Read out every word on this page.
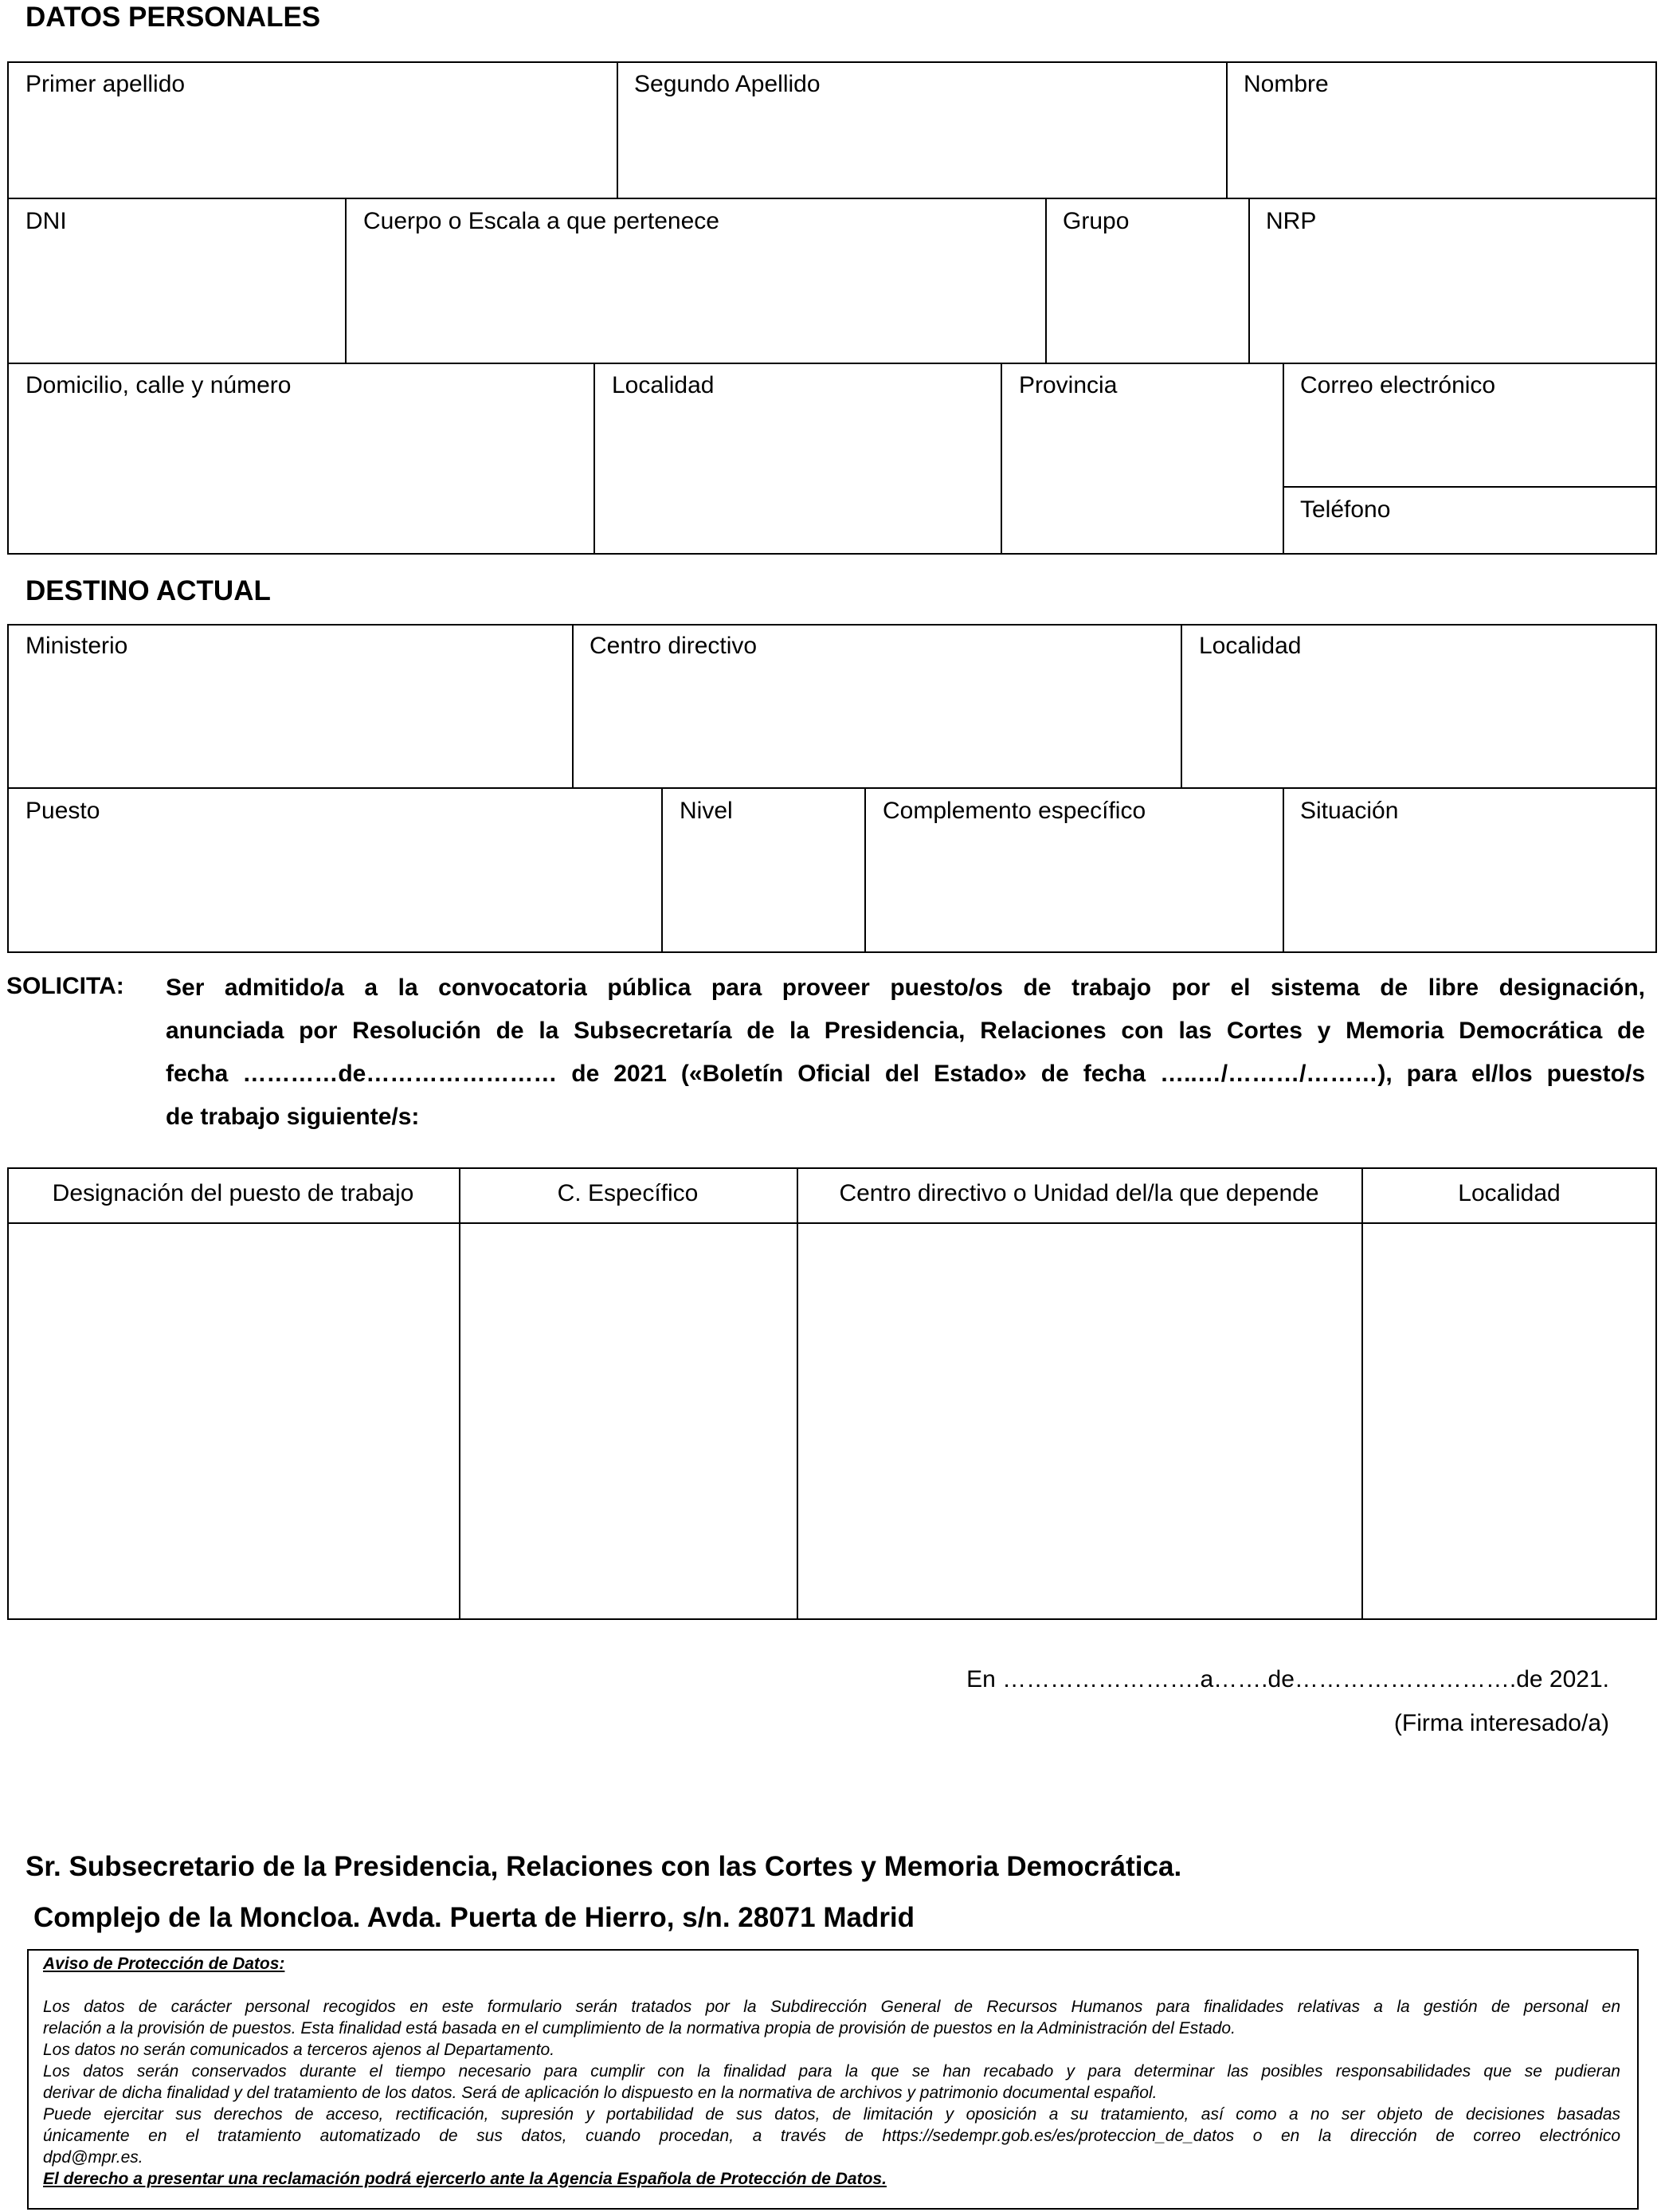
DATOS PERSONALES
Primer apellido	Segundo Apellido	Nombre
DNI	Cuerpo o Escala a que pertenece	Grupo	NRP
Domicilio, calle y número	Localidad	Provincia	Correo electrónico
Teléfono
DESTINO ACTUAL
Ministerio	Centro directivo	Localidad
Puesto	Nivel	Complemento específico	Situación
SOLICITA: Ser admitido/a a la convocatoria pública para proveer puesto/os de trabajo por el sistema de libre designación,
anunciada por Resolución de la Subsecretaría de la Presidencia, Relaciones con las Cortes y Memoria Democrática de
fecha …………de…………………… de 2021 («Boletín Oficial del Estado» de fecha …..…/………/………), para el/los puesto/s
de trabajo siguiente/s:
Designación del puesto de trabajo	C. Específico	Centro directivo o Unidad del/la que depende	Localidad
En …………………….a…….de……………………….de 2021.
(Firma interesado/a)
Sr. Subsecretario de la Presidencia, Relaciones con las Cortes y Memoria Democrática.
Complejo de la Moncloa. Avda. Puerta de Hierro, s/n. 28071 Madrid
Aviso de Protección de Datos:
Los datos de carácter personal recogidos en este formulario serán tratados por la Subdirección General de Recursos Humanos para finalidades relativas a la gestión de personal en
relación a la provisión de puestos. Esta finalidad está basada en el cumplimiento de la normativa propia de provisión de puestos en la Administración del Estado.
Los datos no serán comunicados a terceros ajenos al Departamento.
Los datos serán conservados durante el tiempo necesario para cumplir con la finalidad para la que se han recabado y para determinar las posibles responsabilidades que se pudieran
derivar de dicha finalidad y del tratamiento de los datos. Será de aplicación lo dispuesto en la normativa de archivos y patrimonio documental español.
Puede ejercitar sus derechos de acceso, rectificación, supresión y portabilidad de sus datos, de limitación y oposición a su tratamiento, así como a no ser objeto de decisiones basadas
únicamente en el tratamiento automatizado de sus datos, cuando procedan, a través de https://sedempr.gob.es/es/proteccion_de_datos o en la dirección de correo electrónico
dpd@mpr.es.
El derecho a presentar una reclamación podrá ejercerlo ante la Agencia Española de Protección de Datos.
